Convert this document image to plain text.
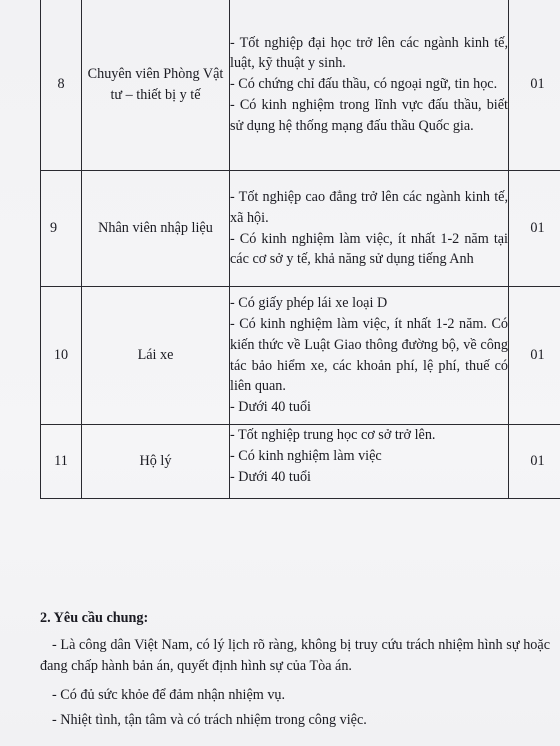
8	Chuyên viên Phòng Vật tư – thiết bị y tế	- Tốt nghiệp đại học trở lên các ngành kinh tế, luật, kỹ thuật y sinh.
- Có chứng chỉ đấu thầu, có ngoại ngữ, tin học.
- Có kinh nghiệm trong lĩnh vực đấu thầu, biết sử dụng hệ thống mạng đấu thầu Quốc gia.	01
9	Nhân viên nhập liệu	- Tốt nghiệp cao đẳng trở lên các ngành kinh tế, xã hội.
- Có kinh nghiệm làm việc, ít nhất 1-2 năm tại các cơ sở y tế, khả năng sử dụng tiếng Anh	01
10	Lái xe	- Có giấy phép lái xe loại D
- Có kinh nghiệm làm việc, ít nhất 1-2 năm. Có kiến thức về Luật Giao thông đường bộ, về công tác bảo hiểm xe, các khoản phí, lệ phí, thuế có liên quan.
- Dưới 40 tuổi	01
11	Hộ lý	- Tốt nghiệp trung học cơ sở trở lên.
- Có kinh nghiệm làm việc
- Dưới 40 tuổi	01

2. Yêu cầu chung:

- Là công dân Việt Nam, có lý lịch rõ ràng, không bị truy cứu trách nhiệm hình sự hoặc đang chấp hành bản án, quyết định hình sự của Tòa án.

- Có đủ sức khỏe để đảm nhận nhiệm vụ.

- Nhiệt tình, tận tâm và có trách nhiệm trong công việc.
